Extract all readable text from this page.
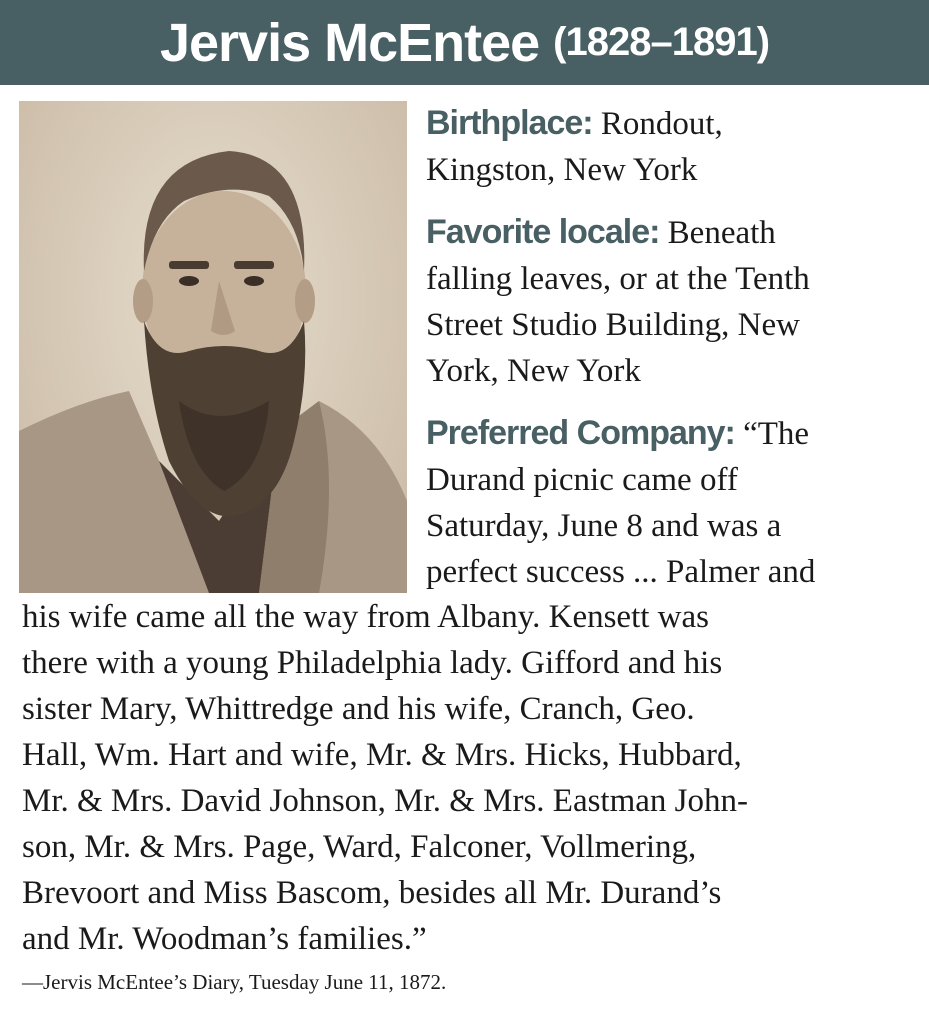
Jervis McEntee (1828–1891)
Birthplace: Rondout,
Kingston, New York
Favorite locale: Beneath
falling leaves, or at the Tenth
Street Studio Building, New
York, New York
Preferred Company: “The
Durand picnic came off
Saturday, June 8 and was a
perfect success ... Palmer and
his wife came all the way from Albany. Kensett was
there with a young Philadelphia lady. Gifford and his
sister Mary, Whittredge and his wife, Cranch, Geo.
Hall, Wm. Hart and wife, Mr. & Mrs. Hicks, Hubbard,
Mr. & Mrs. David Johnson, Mr. & Mrs. Eastman John-
son, Mr. & Mrs. Page, Ward, Falconer, Vollmering,
Brevoort and Miss Bascom, besides all Mr. Durand’s
and Mr. Woodman’s families.”
—Jervis McEntee’s Diary, Tuesday June 11, 1872.
